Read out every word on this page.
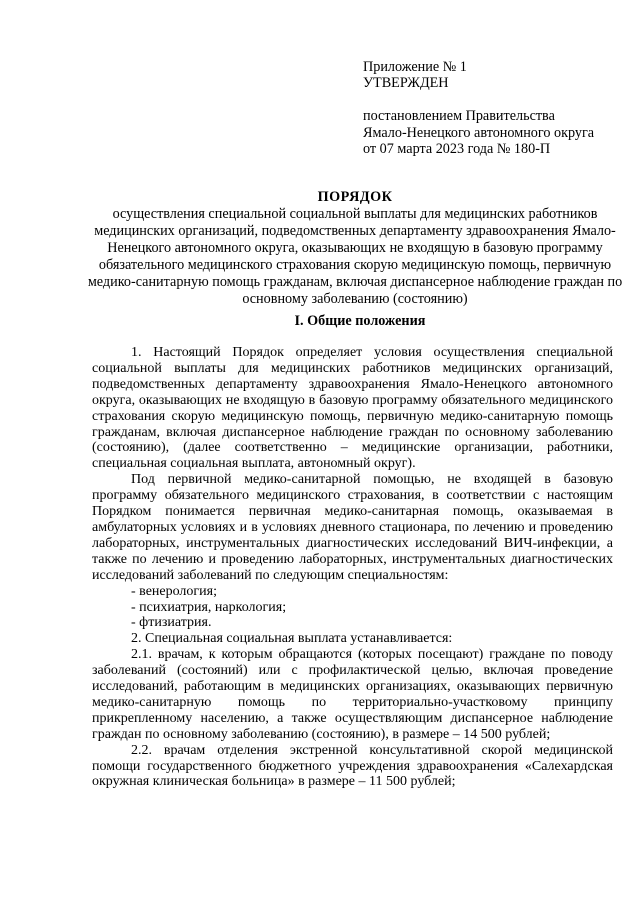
Приложение № 1
УТВЕРЖДЕН
постановлением Правительства
Ямало-Ненецкого автономного округа
от 07 марта 2023 года № 180-П
ПОРЯДОК
осуществления специальной социальной выплаты для медицинских работников медицинских организаций, подведомственных департаменту здравоохранения Ямало-Ненецкого автономного округа, оказывающих не входящую в базовую программу обязательного медицинского страхования скорую медицинскую помощь, первичную медико-санитарную помощь гражданам, включая диспансерное наблюдение граждан по основному заболеванию (состоянию)
I. Общие положения

1. Настоящий Порядок определяет условия осуществления специальной социальной выплаты для медицинских работников медицинских организаций, подведомственных департаменту здравоохранения Ямало-Ненецкого автономного округа, оказывающих не входящую в базовую программу обязательного медицинского страхования скорую медицинскую помощь, первичную медико-санитарную помощь гражданам, включая диспансерное наблюдение граждан по основному заболеванию (состоянию), (далее соответственно – медицинские организации, работники, специальная социальная выплата, автономный округ).

Под первичной медико-санитарной помощью, не входящей в базовую программу обязательного медицинского страхования, в соответствии с настоящим Порядком понимается первичная медико-санитарная помощь, оказываемая в амбулаторных условиях и в условиях дневного стационара, по лечению и проведению лабораторных, инструментальных диагностических исследований ВИЧ-инфекции, а также по лечению и проведению лабораторных, инструментальных диагностических исследований заболеваний по следующим специальностям:

- венерология;

- психиатрия, наркология;

- фтизиатрия.

2. Специальная социальная выплата устанавливается:

2.1. врачам, к которым обращаются (которых посещают) граждане по поводу заболеваний (состояний) или с профилактической целью, включая проведение исследований, работающим в медицинских организациях, оказывающих первичную медико-санитарную помощь по территориально-участковому принципу прикрепленному населению, а также осуществляющим диспансерное наблюдение граждан по основному заболеванию (состоянию), в размере – 14 500 рублей;

2.2. врачам отделения экстренной консультативной скорой медицинской помощи государственного бюджетного учреждения здравоохранения «Салехардская окружная клиническая больница» в размере – 11 500 рублей;
